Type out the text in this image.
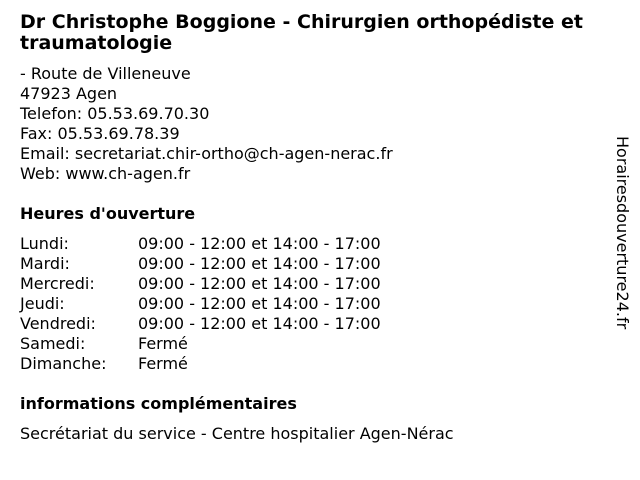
Dr Christophe Boggione - Chirurgien orthopédiste et traumatologie
- Route de Villeneuve
47923 Agen
Telefon: 05.53.69.70.30
Fax: 05.53.69.78.39
Email: secretariat.chir-ortho@ch-agen-nerac.fr
Web: www.ch-agen.fr
Heures d'ouverture
Lundi:	09:00 - 12:00 et 14:00 - 17:00
Mardi:	09:00 - 12:00 et 14:00 - 17:00
Mercredi:	09:00 - 12:00 et 14:00 - 17:00
Jeudi:	09:00 - 12:00 et 14:00 - 17:00
Vendredi:	09:00 - 12:00 et 14:00 - 17:00
Samedi:	Fermé
Dimanche: Fermé
informations complémentaires
Secrétariat du service - Centre hospitalier Agen-Nérac
Horairesdouverture24.fr
